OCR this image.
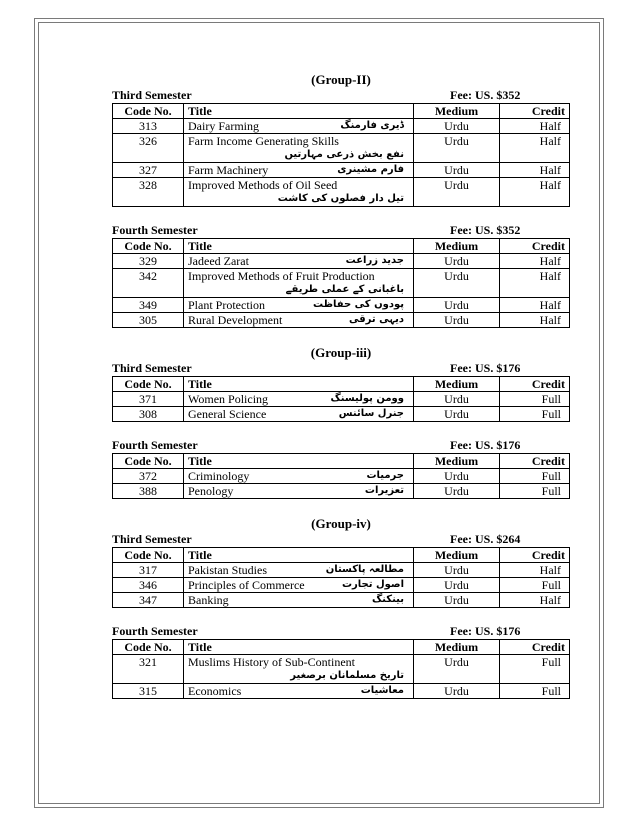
(Group-II)
Third Semester	Fee: US. $352
Code No.	Title	Medium	Credit
313	Dairy Farming ڈیری فارمنگ	Urdu	Half
326	Farm Income Generating Skills
نفع بخش ذرعی مہارتیں	Urdu	Half
327	Farm Machinery فارم مشینری	Urdu	Half
328	Improved Methods of Oil Seed
تیل دار فصلوں کی کاشت	Urdu	Half
Fourth Semester	Fee: US. $352
Code No.	Title	Medium	Credit
329	Jadeed Zarat جدید زراعت	Urdu	Half
342	Improved Methods of Fruit Production
باغبانی کے عملی طریقے	Urdu	Half
349	Plant Protection پودوں کی حفاظت	Urdu	Half
305	Rural Development دیہی ترقی	Urdu	Half
(Group-iii)
Third Semester	Fee: US. $176
Code No.	Title	Medium	Credit
371	Women Policing وومن پولیسنگ	Urdu	Full
308	General Science جنرل سائنس	Urdu	Full
Fourth Semester	Fee: US. $176
Code No.	Title	Medium	Credit
372	Criminology جرمیات	Urdu	Full
388	Penology تعزیرات	Urdu	Full
(Group-iv)
Third Semester	Fee: US. $264
Code No.	Title	Medium	Credit
317	Pakistan Studies مطالعہ پاکستان	Urdu	Half
346	Principles of Commerce اصول تجارت	Urdu	Full
347	Banking بینکنگ	Urdu	Half
Fourth Semester	Fee: US. $176
Code No.	Title	Medium	Credit
321	Muslims History of Sub-Continent
تاریخ مسلمانان برصغیر	Urdu	Full
315	Economics معاشیات	Urdu	Full
